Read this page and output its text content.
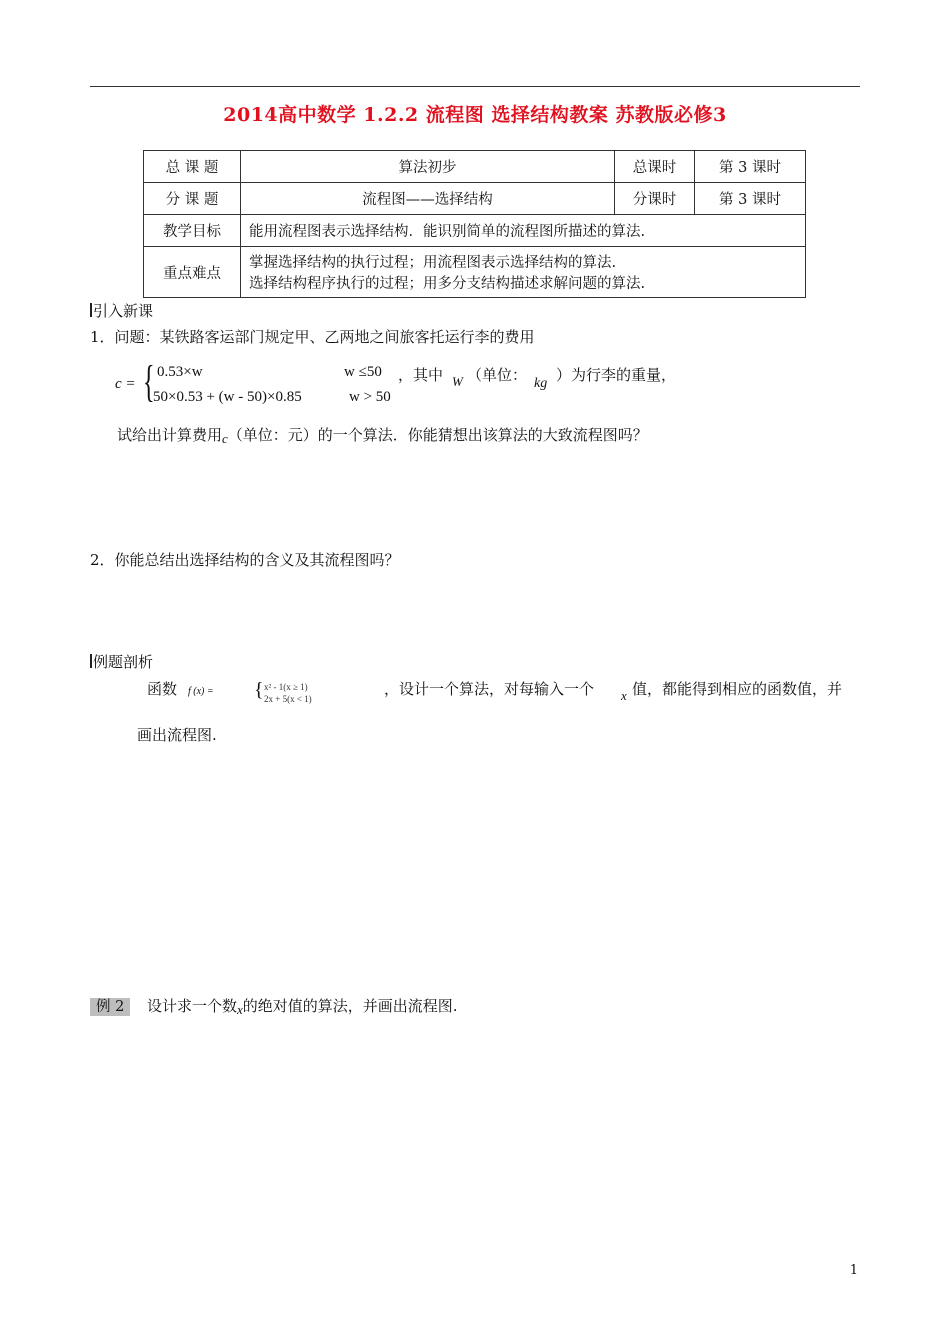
2014高中数学 1.2.2 流程图 选择结构教案 苏教版必修3
总 课 题	算法初步	总课时	第 3 课时
分 课 题	流程图——选择结构	分课时	第 3 课时
教学目标	能用流程图表示选择结构．能识别简单的流程图所描述的算法.		
重点难点	掌握选择结构的执行过程；用流程图表示选择结构的算法.
选择结构程序执行的过程；用多分支结构描述求解问题的算法.		
引入新课
1．问题：某铁路客运部门规定甲、乙两地之间旅客托运行李的费用
c = { 0.53×w	w ≤50
50×0.53 + (w - 50)×0.85	w > 50
，其中 W （单位： kg ）为行李的重量，
试给出计算费用c（单位：元）的一个算法．你能猜想出该算法的大致流程图吗？
2．你能总结出选择结构的含义及其流程图吗？
例题剖析
函数 f (x) = { x² - 1(x ≥ 1)
2x + 5(x < 1)
，设计一个算法，对每输入一个 x 值，都能得到相应的函数值，并
画出流程图.
例 2	设计求一个数x的绝对值的算法，并画出流程图.
1
